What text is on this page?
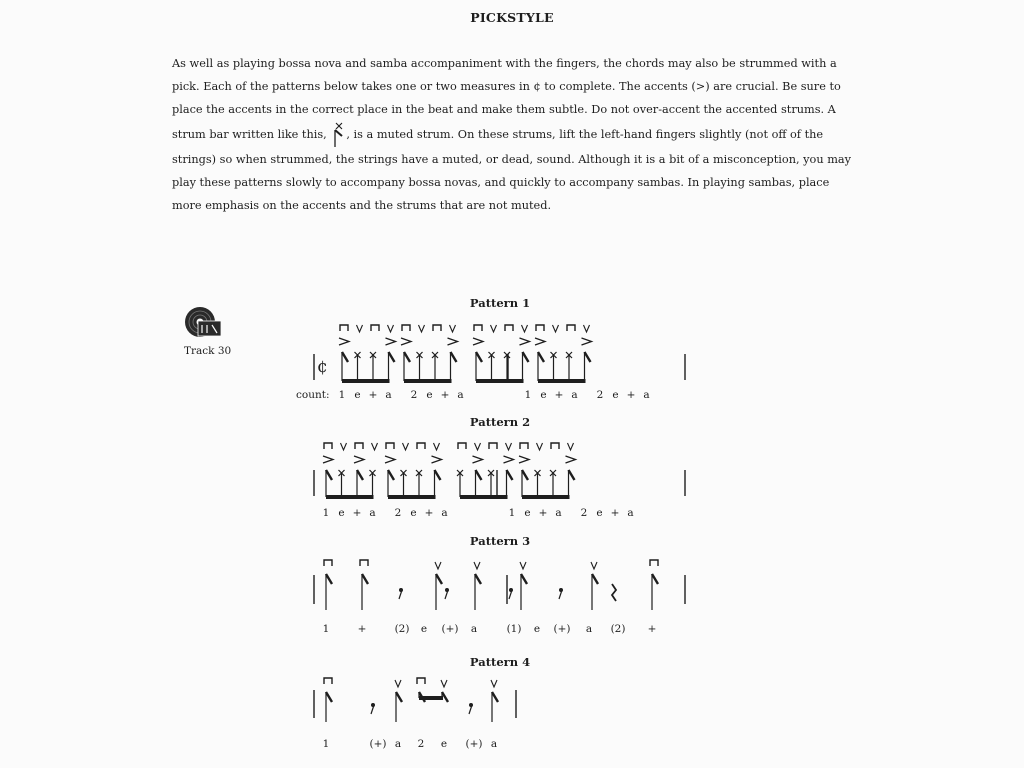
PICKSTYLE

As well as playing bossa nova and samba accompaniment with the fingers, the chords may also be strummed with a pick. Each of the patterns below takes one or two measures in ¢ to complete. The accents (>) are crucial. Be sure to place the accents in the correct place in the beat and make them subtle. Do not over-accent the accented strums. A strum bar written like this, , is a muted strum. On these strums, lift the left-hand fingers slightly (not off of the strings) so when strummed, the strings have a muted, or dead, sound. Although it is a bit of a misconception, you may play these patterns slowly to accompany bossa novas, and quickly to accompany sambas. In playing sambas, place more emphasis on the accents and the strums that are not muted.

Track 30
Pattern 1
Pattern 2
Pattern 3
Pattern 4
count: 1 e + a 2 e + a	1 e + a 2 e + a
1 e + a 2 e + a	1 e + a 2 e + a
1	+	(2) e (+) a	(1) e (+) a (2) +
1	(+) a 2 e (+) a
¢
